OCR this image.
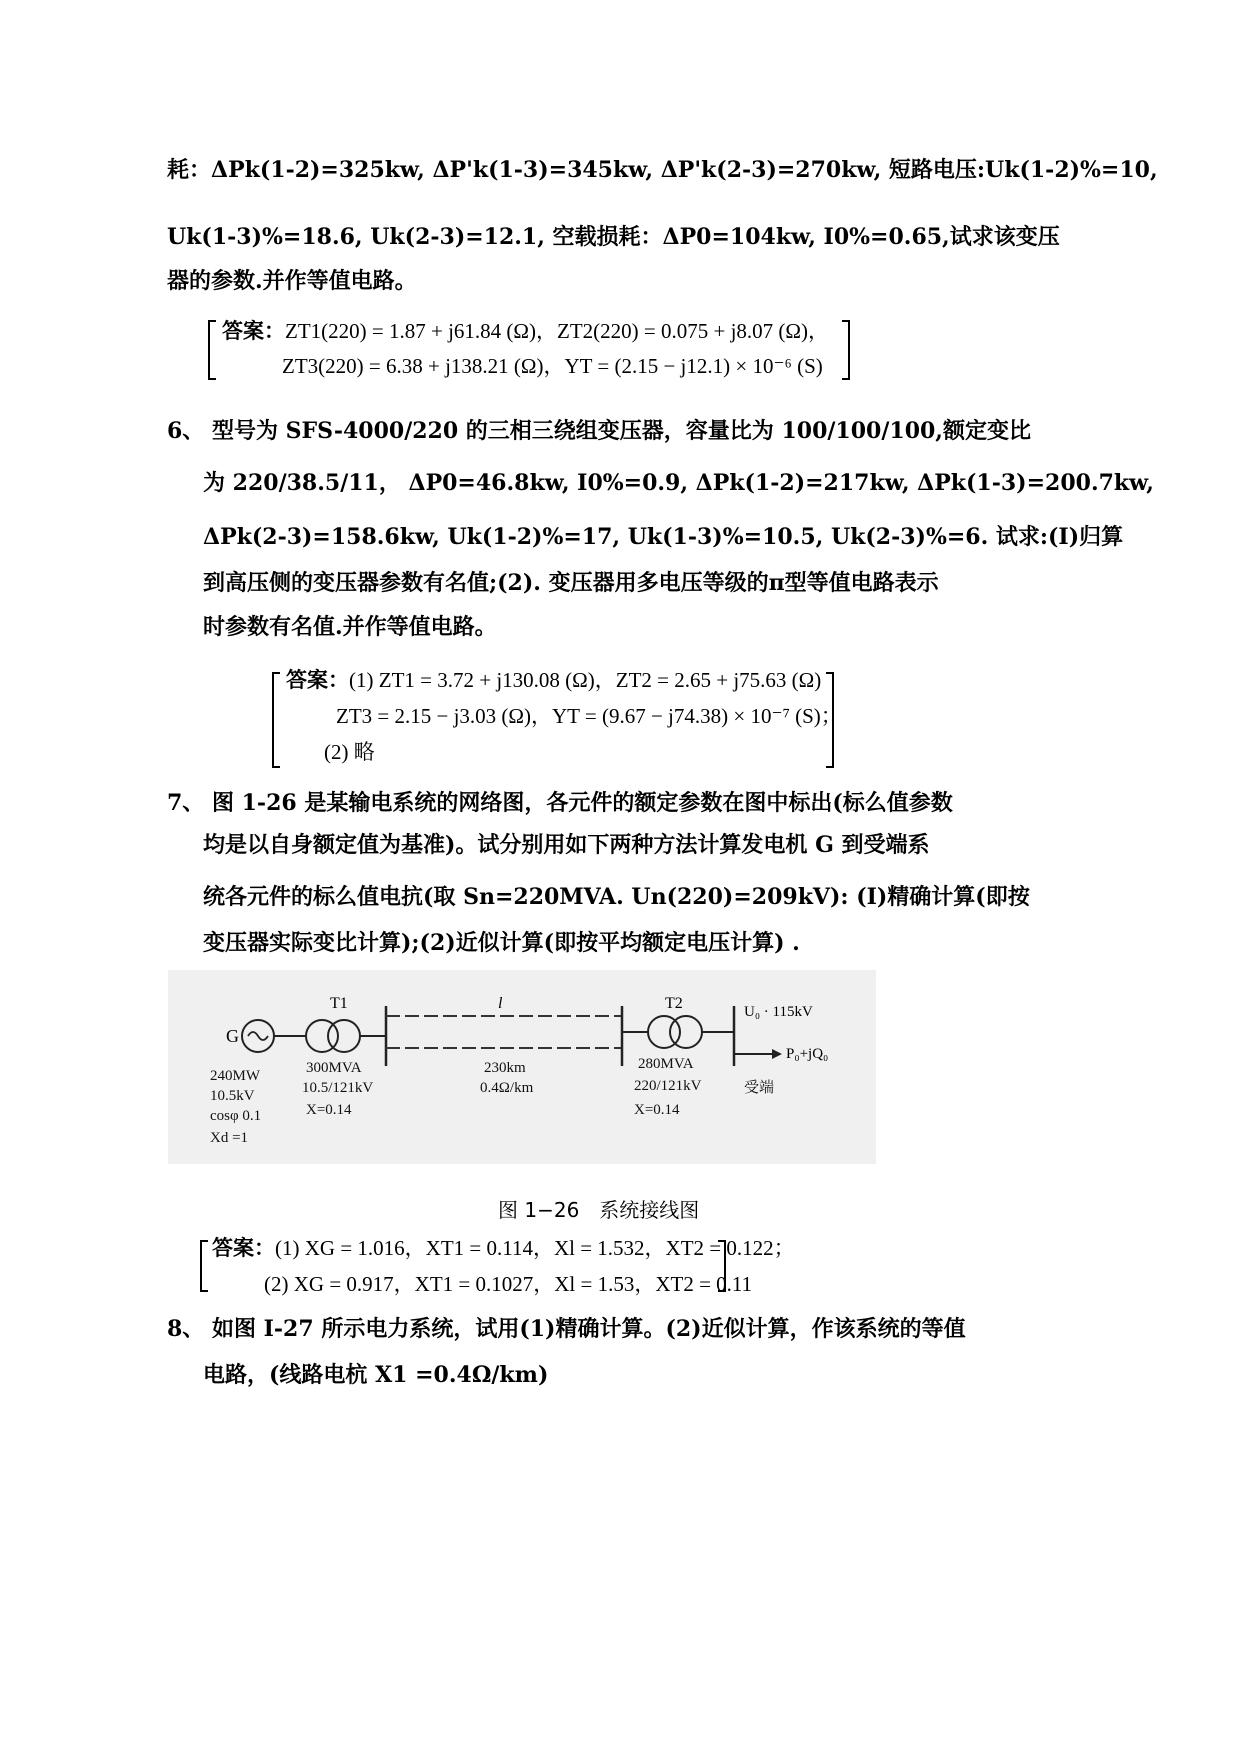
耗：ΔPk(1-2)=325kw, ΔP'k(1-3)=345kw, ΔP'k(2-3)=270kw, 短路电压:Uk(1-2)%=10,
Uk(1-3)%=18.6, Uk(2-3)=12.1, 空载损耗：ΔP0=104kw, I0%=0.65,试求该变压
器的参数.并作等值电路。
答案：ZT1(220) = 1.87 + j61.84 (Ω)，ZT2(220) = 0.075 + j8.07 (Ω)，
ZT3(220) = 6.38 + j138.21 (Ω)，YT = (2.15 − j12.1) × 10⁻⁶ (S)
6、 型号为 SFS-4000/220 的三相三绕组变压器，容量比为 100/100/100,额定变比
为 220/38.5/11， ΔP0=46.8kw, I0%=0.9, ΔPk(1-2)=217kw, ΔPk(1-3)=200.7kw,
ΔPk(2-3)=158.6kw, Uk(1-2)%=17, Uk(1-3)%=10.5, Uk(2-3)%=6. 试求:(I)归算
到高压侧的变压器参数有名值;(2). 变压器用多电压等级的π型等值电路表示
时参数有名值.并作等值电路。
答案：(1) ZT1 = 3.72 + j130.08 (Ω)，ZT2 = 2.65 + j75.63 (Ω)
ZT3 = 2.15 − j3.03 (Ω)，YT = (9.67 − j74.38) × 10⁻⁷ (S)；
(2) 略
7、 图 1-26 是某输电系统的网络图，各元件的额定参数在图中标出(标么值参数
均是以自身额定值为基准)。试分别用如下两种方法计算发电机 G 到受端系
统各元件的标么值电抗(取 Sn=220MVA. Un(220)=209kV): (I)精确计算(即按
变压器实际变比计算);(2)近似计算(即按平均额定电压计算) .
G
T1	l	T2	U₀ · 115kV
P₀+jQ₀
240MW
10.5kV
cosφ 0.1
Xd =1
300MVA
10.5/121kV
X=0.14
230km
0.4Ω/km
280MVA
220/121kV
X=0.14
受端
图 1−26　系统接线图
答案：(1) XG = 1.016，XT1 = 0.114，Xl = 1.532，XT2 = 0.122；
(2) XG = 0.917，XT1 = 0.1027，Xl = 1.53，XT2 = 0.11
8、 如图 I-27 所示电力系统，试用(1)精确计算。(2)近似计算，作该系统的等值
电路，(线路电杭 X1 =0.4Ω/km)
